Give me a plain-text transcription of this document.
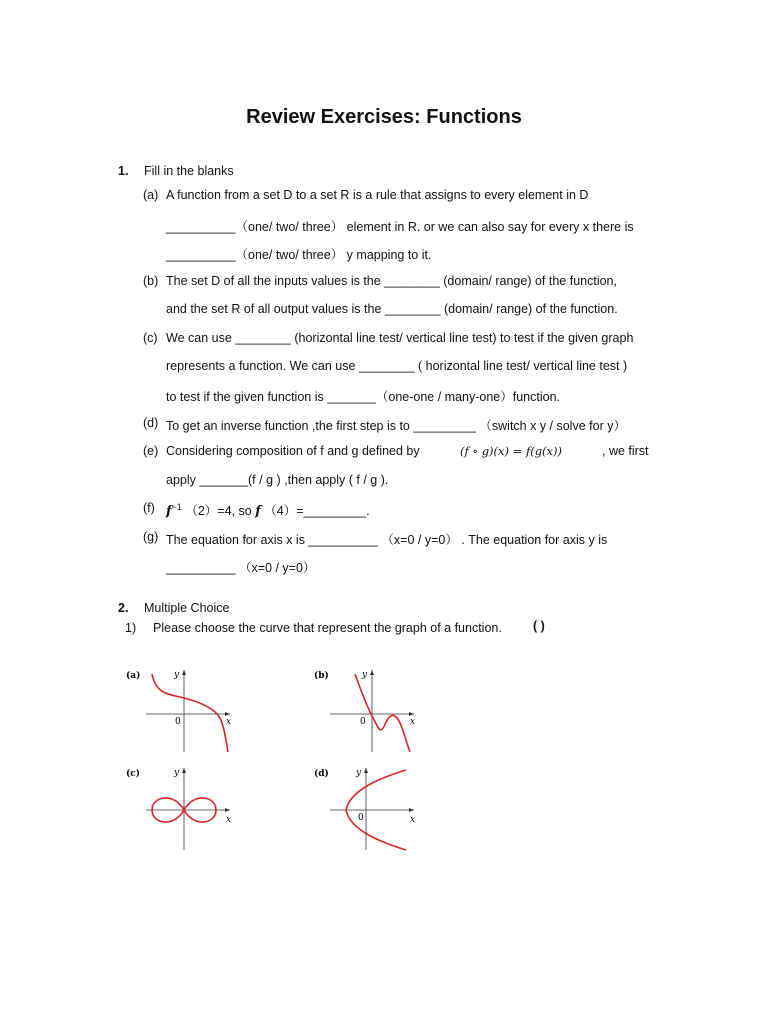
Review Exercises: Functions
1. Fill in the blanks
(a) A function from a set D to a set R is a rule that assigns to every element in D
__________（one/ two/ three） element in R. or we can also say for every x there is
__________（one/ two/ three） y mapping to it.
(b) The set D of all the inputs values is the ________ (domain/ range) of the function,
and the set R of all output values is the ________ (domain/ range) of the function.
(c) We can use ________ (horizontal line test/ vertical line test) to test if the given graph
represents a function. We can use ________ ( horizontal line test/ vertical line test )
to test if the given function is _______（one-one / many-one）function.
(d) To get an inverse function ,the first step is to _________ （switch x y / solve for y）
(e) Considering composition of f and g defined by	(f ∘ g)(x) = f(g(x))	, we first
apply _______(f / g ) ,then apply ( f / g ).
(f) $f^{-1}$ （2）=4, so f （4）=_________.
(g) The equation for axis x is __________ （x=0 / y=0） . The equation for axis y is
__________ （x=0 / y=0）
2. Multiple Choice
1) Please choose the curve that represent the graph of a function. ( )
(a)	y
x
0
(b)	y
x
0
(c)	y
x
(d)	y
x
0
